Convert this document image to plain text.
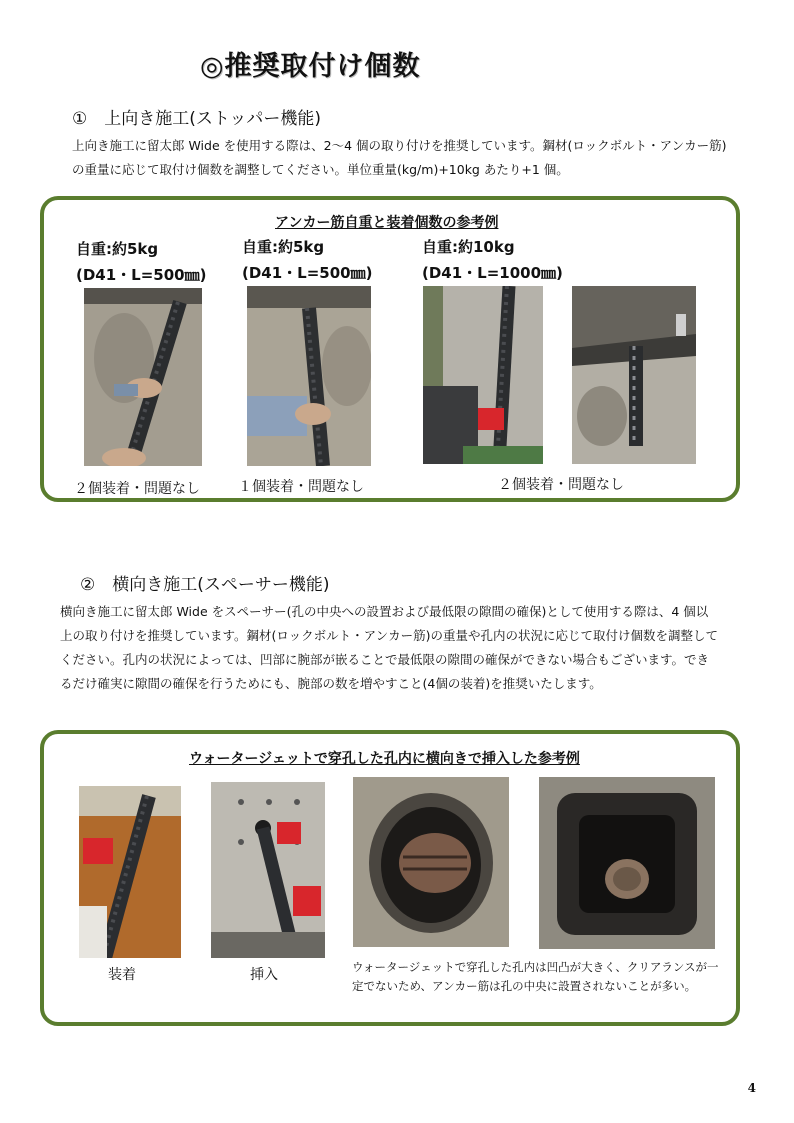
◎推奨取付け個数
①　上向き施工(ストッパー機能)
上向き施工に留太郎 Wide を使用する際は、2～4 個の取り付けを推奨しています。鋼材(ロックボルト・アンカー筋)の重量に応じて取付け個数を調整してください。単位重量(kg/m)+10kg あたり+1 個。
アンカー筋自重と装着個数の参考例
自重:約5kg
(D41・L=500㎜)
自重:約5kg
(D41・L=500㎜)
自重:約10kg
(D41・L=1000㎜)
２個装着・問題なし	１個装着・問題なし	２個装着・問題なし
②　横向き施工(スペーサー機能)
横向き施工に留太郎 Wide をスペーサー(孔の中央への設置および最低限の隙間の確保)として使用する際は、4 個以上の取り付けを推奨しています。鋼材(ロックボルト・アンカー筋)の重量や孔内の状況に応じて取付け個数を調整してください。孔内の状況によっては、凹部に腕部が嵌ることで最低限の隙間の確保ができない場合もございます。できるだけ確実に隙間の確保を行うためにも、腕部の数を増やすこと(4個の装着)を推奨いたします。
ウォータージェットで穿孔した孔内に横向きで挿入した参考例
装着	挿入	ウォータージェットで穿孔した孔内は凹凸が大きく、クリアランスが一定でないため、アンカー筋は孔の中央に設置されないことが多い。
4
